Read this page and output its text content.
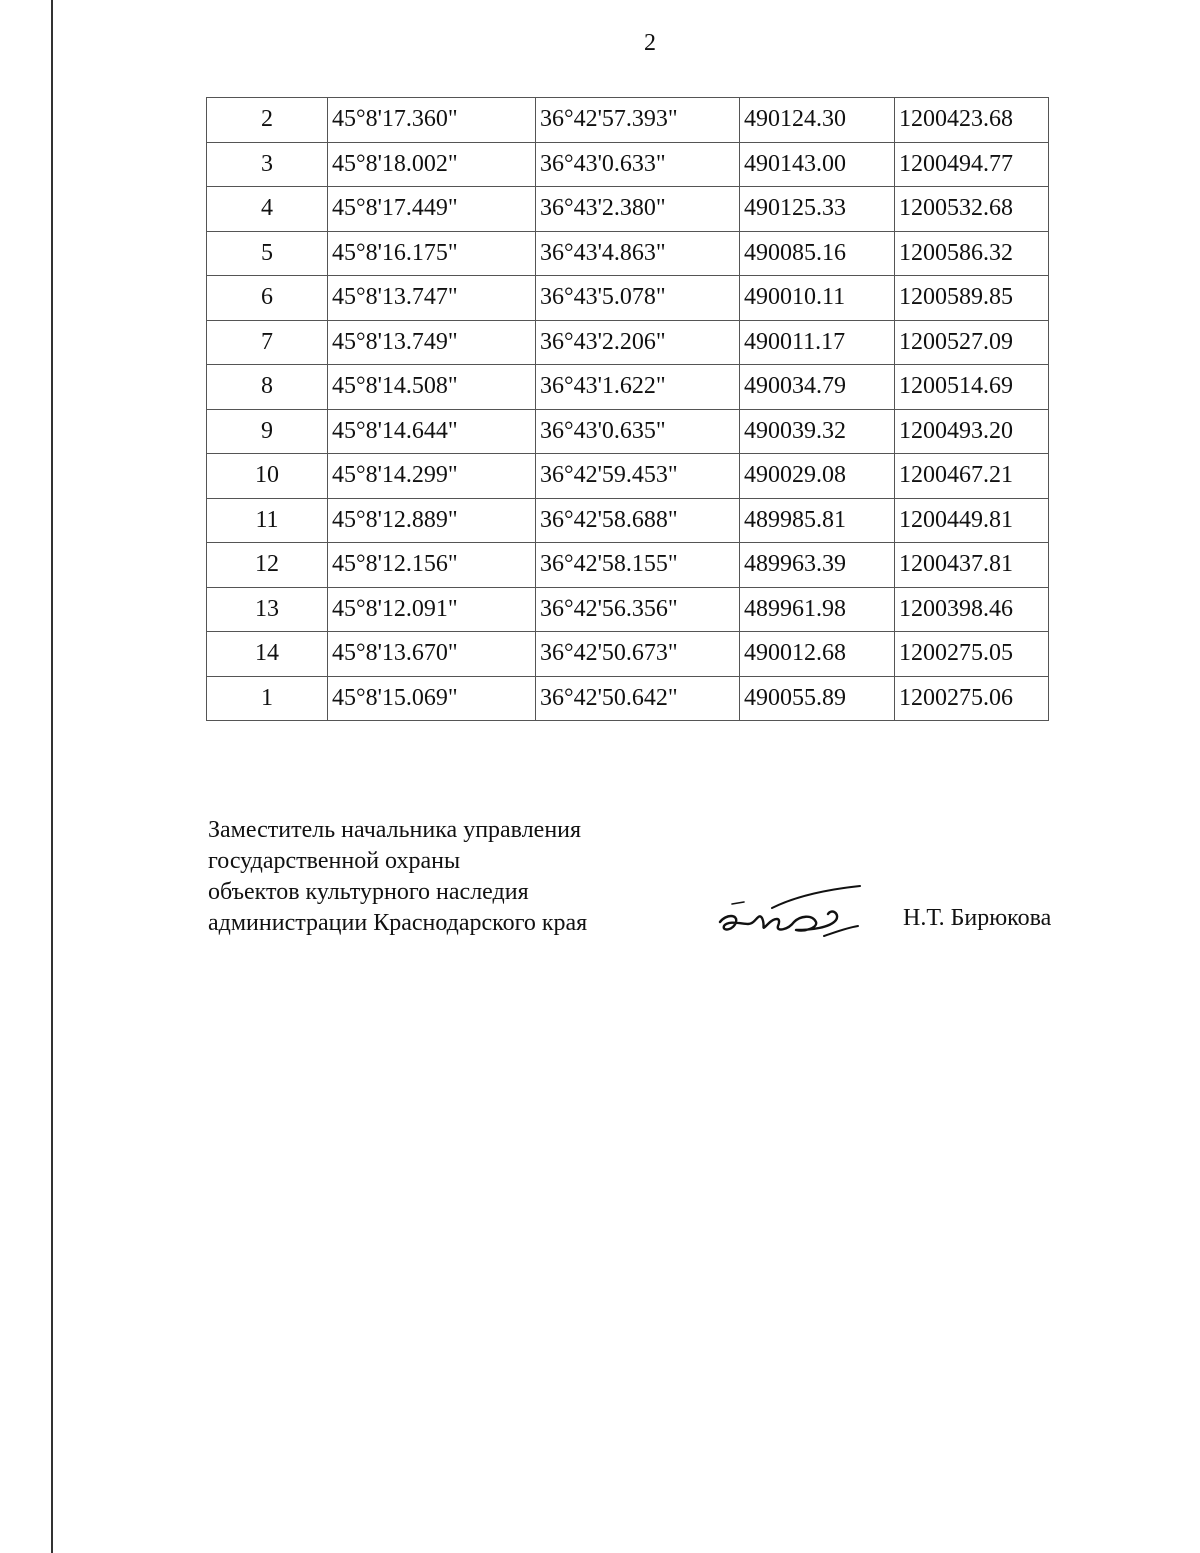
2
2	45°8'17.360"	36°42'57.393"	490124.30	1200423.68
3	45°8'18.002"	36°43'0.633"	490143.00	1200494.77
4	45°8'17.449"	36°43'2.380"	490125.33	1200532.68
5	45°8'16.175"	36°43'4.863"	490085.16	1200586.32
6	45°8'13.747"	36°43'5.078"	490010.11	1200589.85
7	45°8'13.749"	36°43'2.206"	490011.17	1200527.09
8	45°8'14.508"	36°43'1.622"	490034.79	1200514.69
9	45°8'14.644"	36°43'0.635"	490039.32	1200493.20
10	45°8'14.299"	36°42'59.453"	490029.08	1200467.21
11	45°8'12.889"	36°42'58.688"	489985.81	1200449.81
12	45°8'12.156"	36°42'58.155"	489963.39	1200437.81
13	45°8'12.091"	36°42'56.356"	489961.98	1200398.46
14	45°8'13.670"	36°42'50.673"	490012.68	1200275.05
1	45°8'15.069"	36°42'50.642"	490055.89	1200275.06
Заместитель начальника управления
государственной охраны
объектов культурного наследия
администрации Краснодарского края	Н.Т. Бирюкова
